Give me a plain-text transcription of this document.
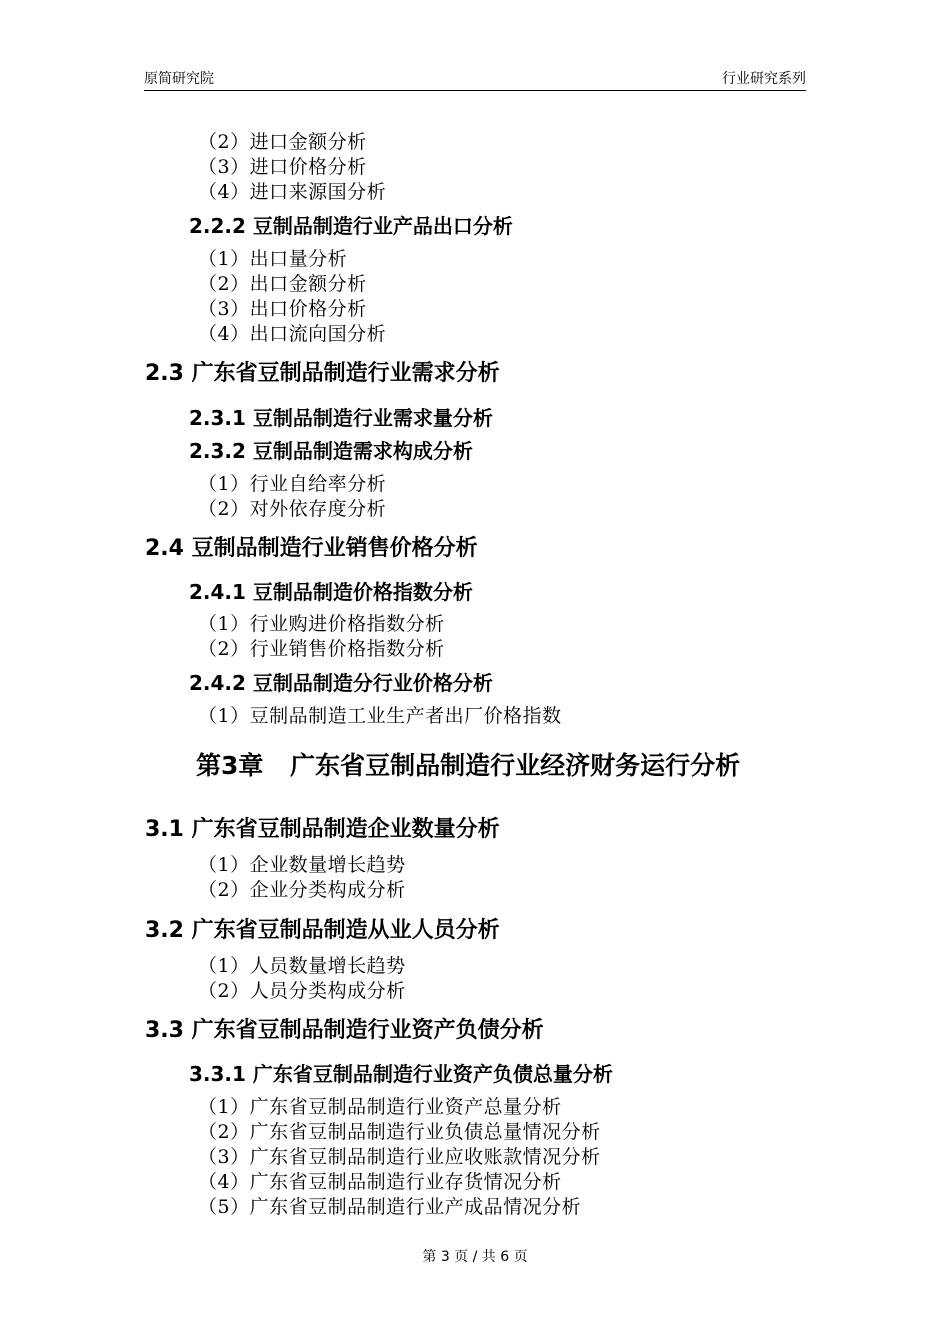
原简研究院	行业研究系列
（2）进口金额分析
（3）进口价格分析
（4）进口来源国分析
2.2.2 豆制品制造行业产品出口分析
（1）出口量分析
（2）出口金额分析
（3）出口价格分析
（4）出口流向国分析
2.3 广东省豆制品制造行业需求分析
2.3.1 豆制品制造行业需求量分析
2.3.2 豆制品制造需求构成分析
（1）行业自给率分析
（2）对外依存度分析
2.4 豆制品制造行业销售价格分析
2.4.1 豆制品制造价格指数分析
（1）行业购进价格指数分析
（2）行业销售价格指数分析
2.4.2 豆制品制造分行业价格分析
（1）豆制品制造工业生产者出厂价格指数
第3章 广东省豆制品制造行业经济财务运行分析
3.1 广东省豆制品制造企业数量分析
（1）企业数量增长趋势
（2）企业分类构成分析
3.2 广东省豆制品制造从业人员分析
（1）人员数量增长趋势
（2）人员分类构成分析
3.3 广东省豆制品制造行业资产负债分析
3.3.1 广东省豆制品制造行业资产负债总量分析
（1）广东省豆制品制造行业资产总量分析
（2）广东省豆制品制造行业负债总量情况分析
（3）广东省豆制品制造行业应收账款情况分析
（4）广东省豆制品制造行业存货情况分析
（5）广东省豆制品制造行业产成品情况分析
第 3 页 / 共 6 页
